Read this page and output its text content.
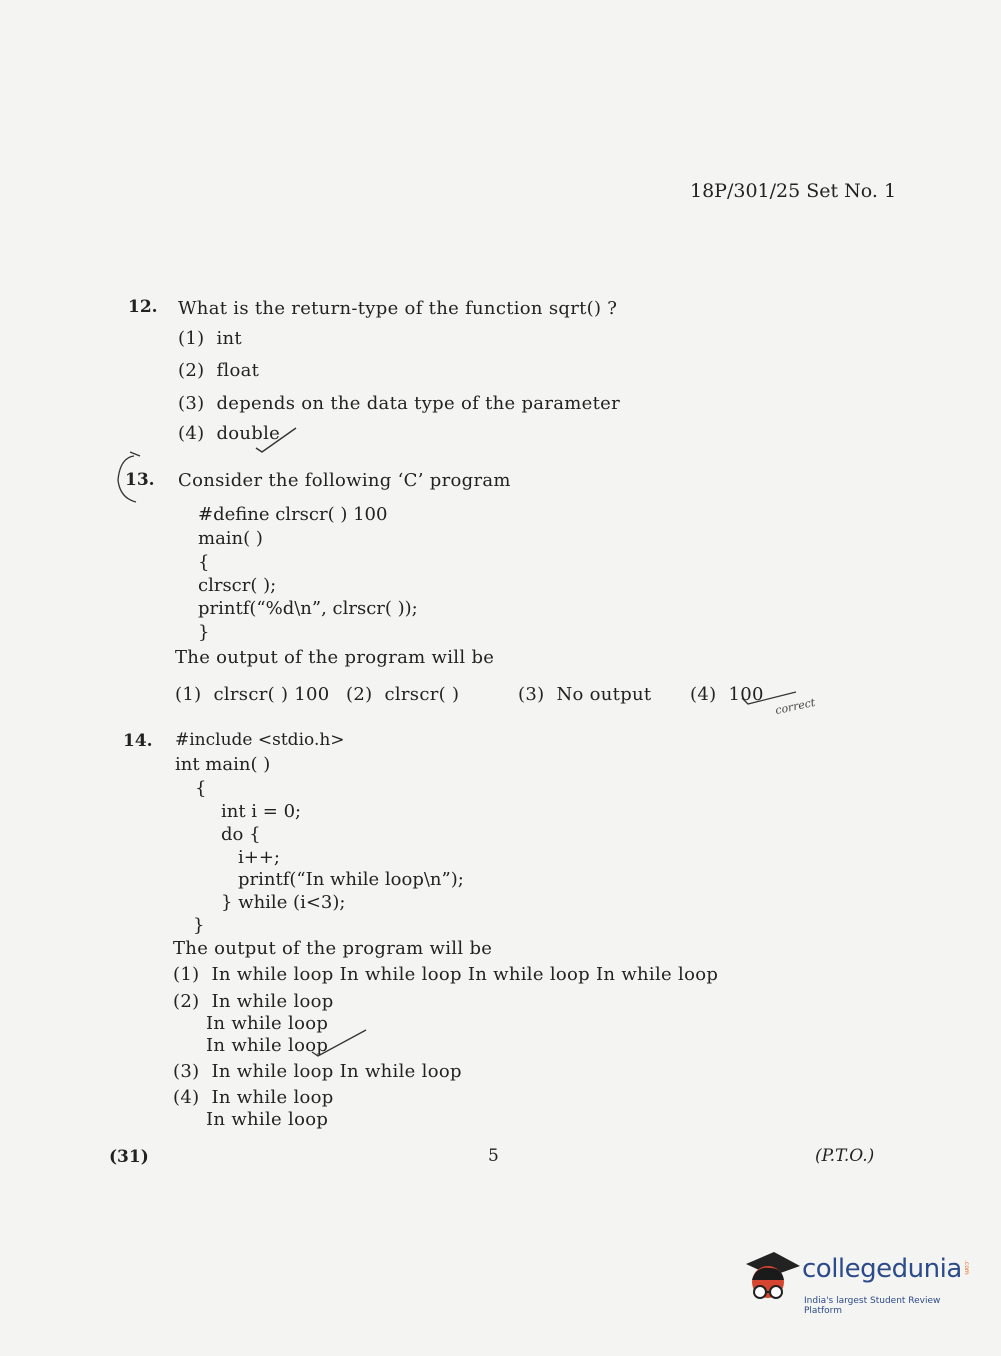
18P/301/25 Set No. 1
12. What is the return-type of the function sqrt() ?
(1)  int
(2)  float
(3)  depends on the data type of the parameter
(4)  double
13. Consider the following ‘C’ program
#define clrscr( ) 100
main( )
{
clrscr( );
printf(“%d\n”, clrscr( ));
}
The output of the program will be
(1)  clrscr( ) 100 (2)  clrscr( )	(3)  No output (4)  100
correct
14. #include <stdio.h>
int main( )
{
int i = 0;
do {
i++;
printf(“In while loop\n”);
} while (i<3);
}
The output of the program will be
(1)  In while loop In while loop In while loop In while loop
(2)  In while loop
In while loop
In while loop
(3)  In while loop In while loop
(4)  In while loop
In while loop
(31)	5	(P.T.O.)
collegedunia .com
India's largest Student Review Platform
